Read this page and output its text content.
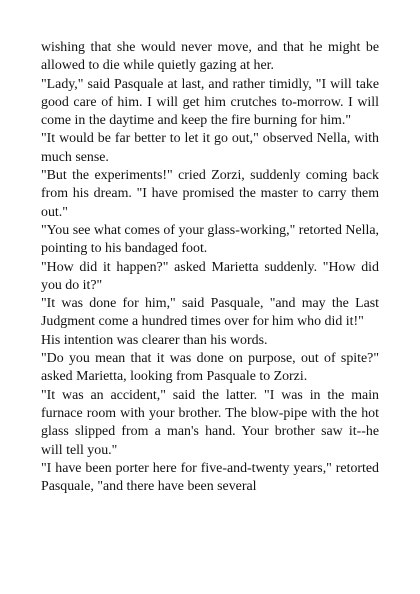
wishing that she would never move, and that he might be allowed to die while quietly gazing at her.

"Lady," said Pasquale at last, and rather timidly, "I will take good care of him. I will get him crutches to-morrow. I will come in the daytime and keep the fire burning for him."

"It would be far better to let it go out," observed Nella, with much sense.

"But the experiments!" cried Zorzi, suddenly coming back from his dream. "I have promised the master to carry them out."

"You see what comes of your glass-working," retorted Nella, pointing to his bandaged foot.

"How did it happen?" asked Marietta suddenly. "How did you do it?"

"It was done for him," said Pasquale, "and may the Last Judgment come a hundred times over for him who did it!"

His intention was clearer than his words.

"Do you mean that it was done on purpose, out of spite?" asked Marietta, looking from Pasquale to Zorzi.

"It was an accident," said the latter. "I was in the main furnace room with your brother. The blow-pipe with the hot glass slipped from a man's hand. Your brother saw it--he will tell you."

"I have been porter here for five-and-twenty years," retorted Pasquale, "and there have been several
